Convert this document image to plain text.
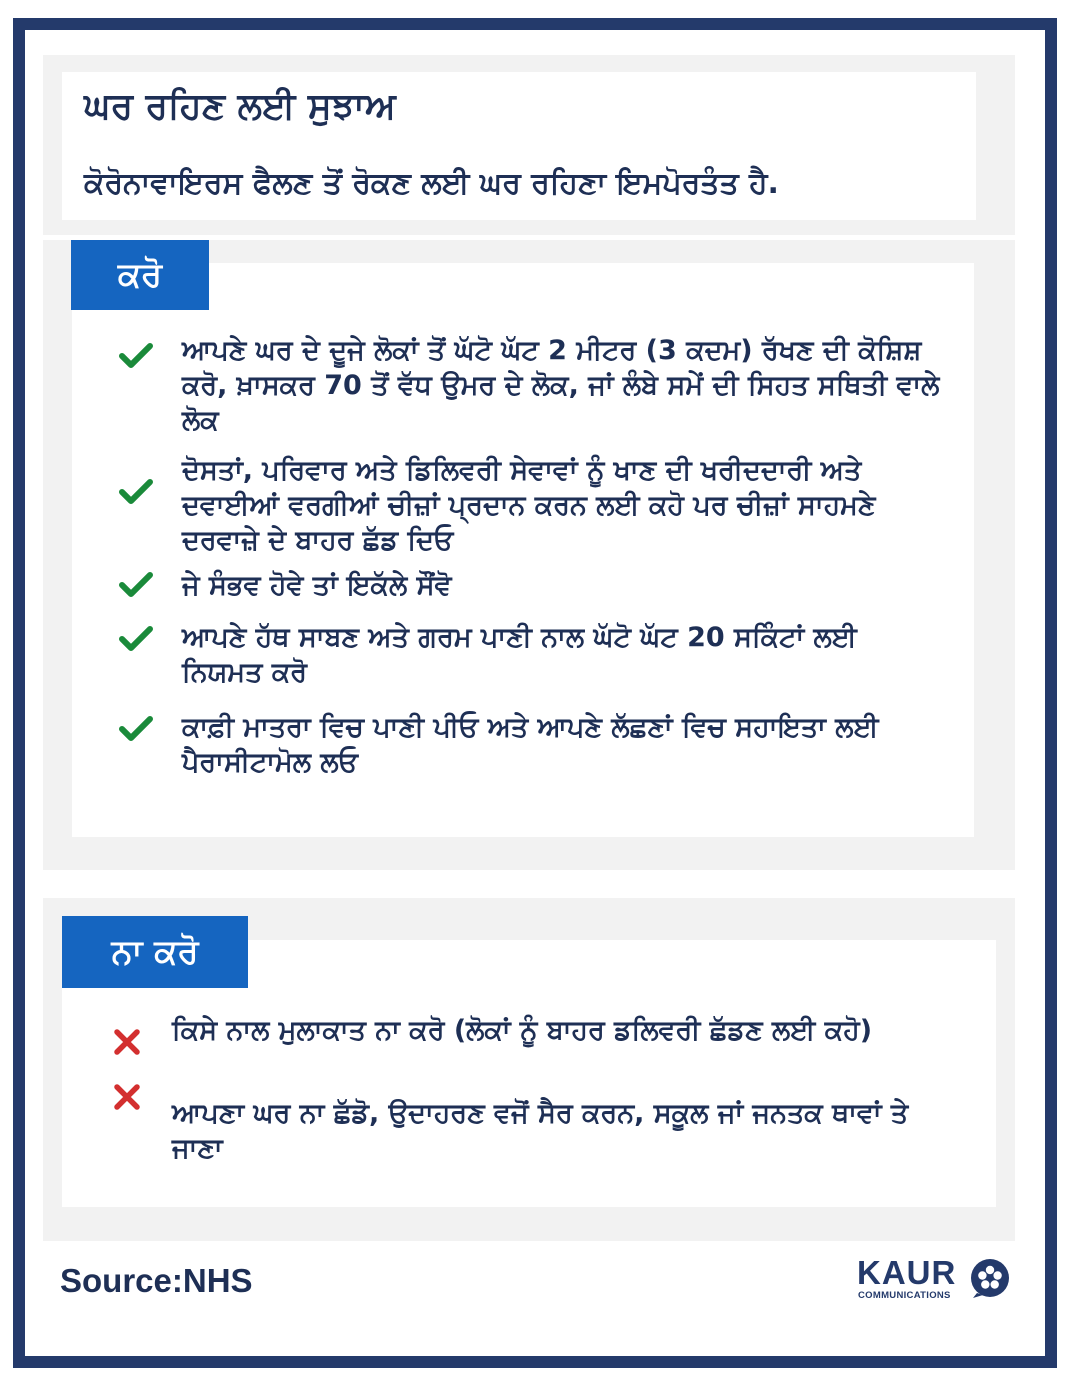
ਘਰ ਰਹਿਣ ਲਈ ਸੁਝਾਅ

ਕੋਰੋਨਾਵਾਇਰਸ ਫੈਲਣ ਤੋਂ ਰੋਕਣ ਲਈ ਘਰ ਰਹਿਣਾ ਇਮਪੋਰਤੰਤ ਹੈ.

ਕਰੋ
ਆਪਣੇ ਘਰ ਦੇ ਦੂਜੇ ਲੋਕਾਂ ਤੋਂ ਘੱਟੋ ਘੱਟ 2 ਮੀਟਰ (3 ਕਦਮ) ਰੱਖਣ ਦੀ ਕੋਸ਼ਿਸ਼ ਕਰੋ, ਖ਼ਾਸਕਰ 70 ਤੋਂ ਵੱਧ ਉਮਰ ਦੇ ਲੋਕ, ਜਾਂ ਲੰਬੇ ਸਮੇਂ ਦੀ ਸਿਹਤ ਸਥਿਤੀ ਵਾਲੇ ਲੋਕ
ਦੋਸਤਾਂ, ਪਰਿਵਾਰ ਅਤੇ ਡਿਲਿਵਰੀ ਸੇਵਾਵਾਂ ਨੂੰ ਖਾਣ ਦੀ ਖਰੀਦਦਾਰੀ ਅਤੇ ਦਵਾਈਆਂ ਵਰਗੀਆਂ ਚੀਜ਼ਾਂ ਪ੍ਰਦਾਨ ਕਰਨ ਲਈ ਕਹੋ ਪਰ ਚੀਜ਼ਾਂ ਸਾਹਮਣੇ ਦਰਵਾਜ਼ੇ ਦੇ ਬਾਹਰ ਛੱਡ ਦਿਓ
ਜੇ ਸੰਭਵ ਹੋਵੇ ਤਾਂ ਇਕੱਲੇ ਸੌਂਵੋ
ਆਪਣੇ ਹੱਥ ਸਾਬਣ ਅਤੇ ਗਰਮ ਪਾਣੀ ਨਾਲ ਘੱਟੋ ਘੱਟ 20 ਸਕਿੰਟਾਂ ਲਈ ਨਿਯਮਤ ਕਰੋ
ਕਾਫ਼ੀ ਮਾਤਰਾ ਵਿਚ ਪਾਣੀ ਪੀਓ ਅਤੇ ਆਪਣੇ ਲੱਛਣਾਂ ਵਿਚ ਸਹਾਇਤਾ ਲਈ ਪੈਰਾਸੀਟਾਮੋਲ ਲਓ
ਨਾ ਕਰੋ
ਕਿਸੇ ਨਾਲ ਮੁਲਾਕਾਤ ਨਾ ਕਰੋ (ਲੋਕਾਂ ਨੂੰ ਬਾਹਰ ਡਲਿਵਰੀ ਛੱਡਣ ਲਈ ਕਹੋ)
ਆਪਣਾ ਘਰ ਨਾ ਛੱਡੋ, ਉਦਾਹਰਣ ਵਜੋਂ ਸੈਰ ਕਰਨ, ਸਕੂਲ ਜਾਂ ਜਨਤਕ ਥਾਵਾਂ ਤੇ ਜਾਣਾ
Source:NHS	KAUR
COMMUNICATIONS
